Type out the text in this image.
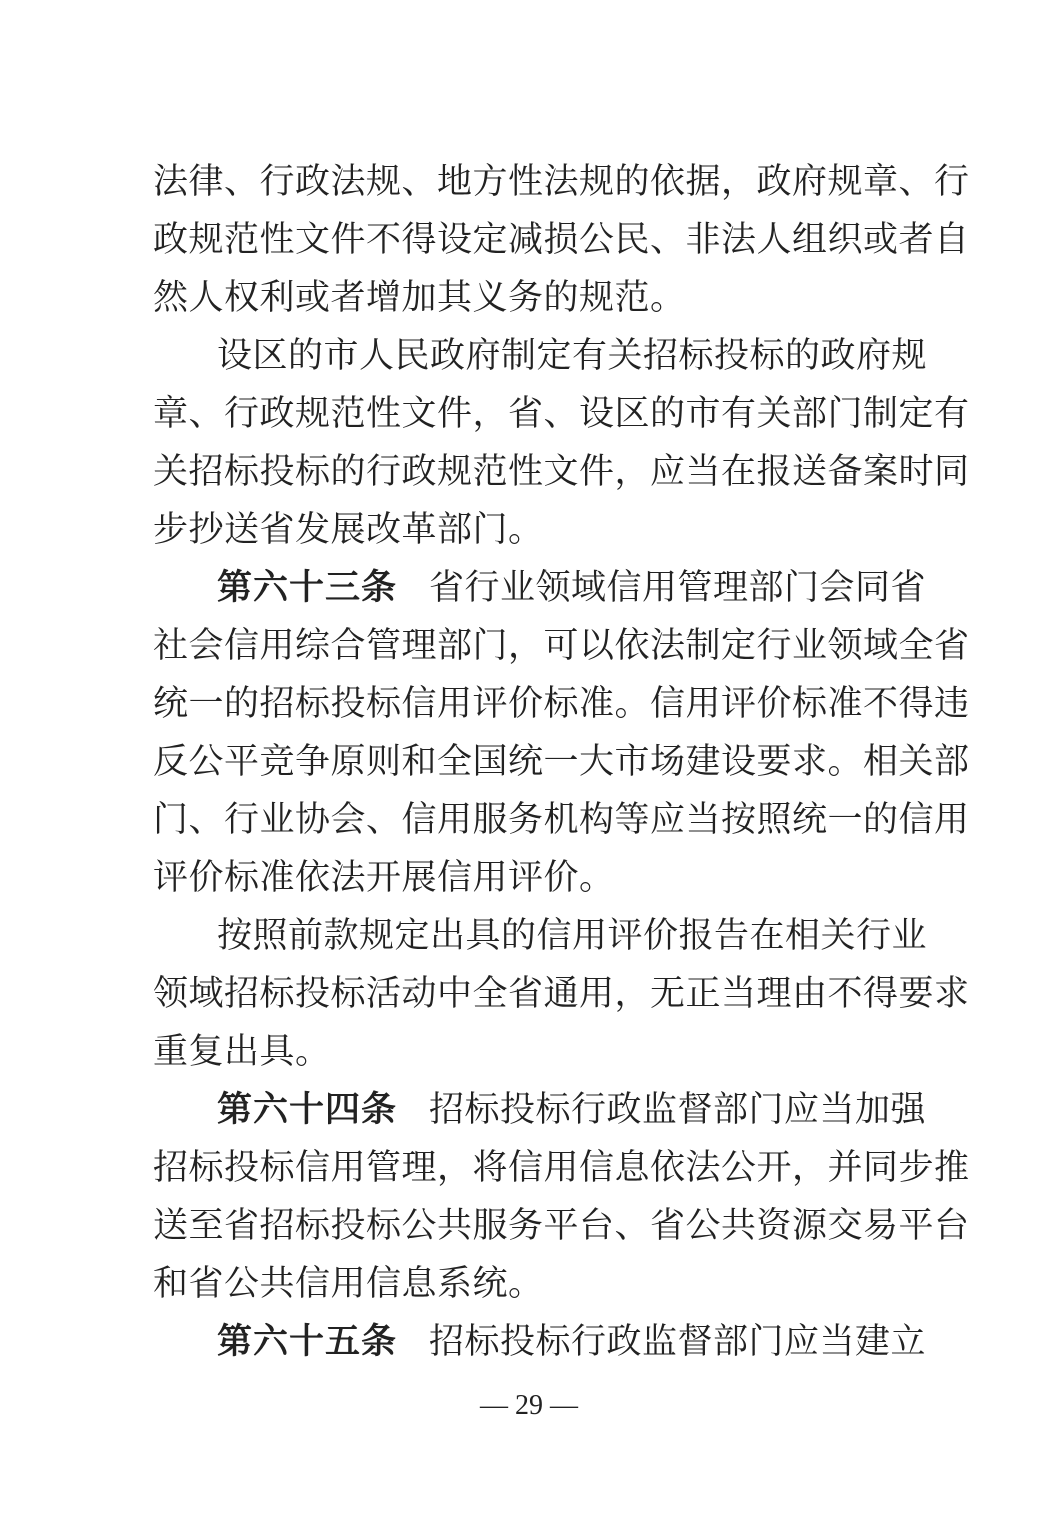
法律、行政法规、地方性法规的依据，政府规章、行
政规范性文件不得设定减损公民、非法人组织或者自
然人权利或者增加其义务的规范。
设区的市人民政府制定有关招标投标的政府规
章、行政规范性文件，省、设区的市有关部门制定有
关招标投标的行政规范性文件，应当在报送备案时同
步抄送省发展改革部门。
第六十三条 省行业领域信用管理部门会同省
社会信用综合管理部门，可以依法制定行业领域全省
统一的招标投标信用评价标准。信用评价标准不得违
反公平竞争原则和全国统一大市场建设要求。相关部
门、行业协会、信用服务机构等应当按照统一的信用
评价标准依法开展信用评价。
按照前款规定出具的信用评价报告在相关行业
领域招标投标活动中全省通用，无正当理由不得要求
重复出具。
第六十四条 招标投标行政监督部门应当加强
招标投标信用管理，将信用信息依法公开，并同步推
送至省招标投标公共服务平台、省公共资源交易平台
和省公共信用信息系统。
第六十五条 招标投标行政监督部门应当建立
— 29 —
